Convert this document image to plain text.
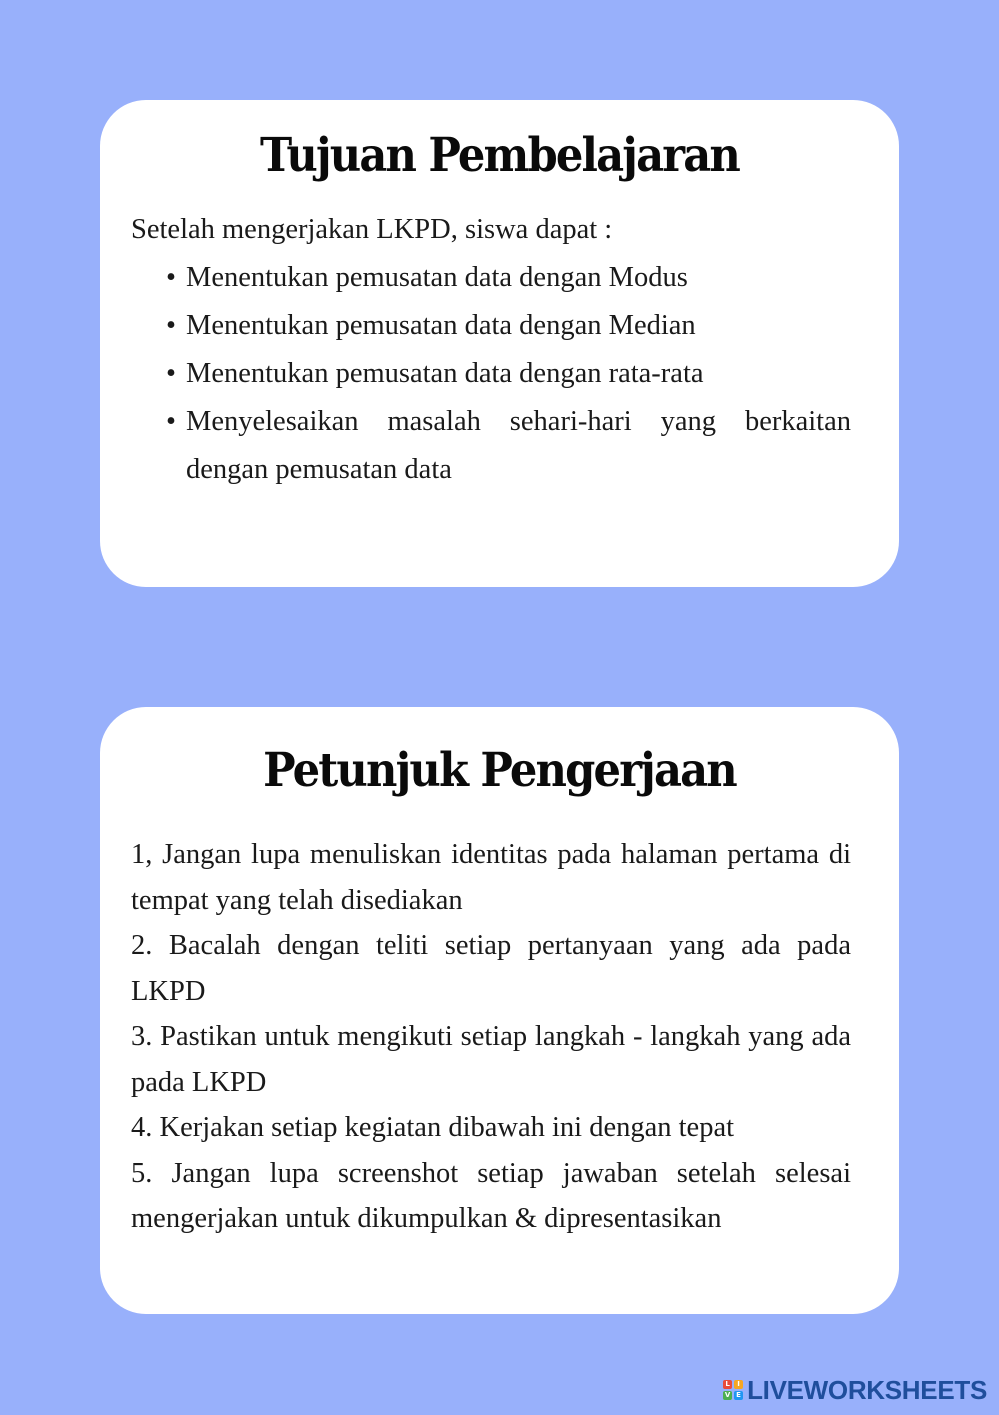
Tujuan Pembelajaran
Setelah mengerjakan LKPD, siswa dapat :
• Menentukan pemusatan data dengan Modus
• Menentukan pemusatan data dengan Median
• Menentukan pemusatan data dengan rata-rata
• Menyelesaikan masalah sehari-hari yang berkaitan dengan pemusatan data
Petunjuk Pengerjaan

1, Jangan lupa menuliskan identitas pada halaman pertama di tempat yang telah disediakan

2. Bacalah dengan teliti setiap pertanyaan yang ada pada LKPD

3. Pastikan untuk mengikuti setiap langkah - langkah yang ada pada LKPD

4. Kerjakan setiap kegiatan dibawah ini dengan tepat

5. Jangan lupa screenshot setiap jawaban setelah selesai mengerjakan untuk dikumpulkan & dipresentasikan

L	I
V E LIVEWORKSHEETS
